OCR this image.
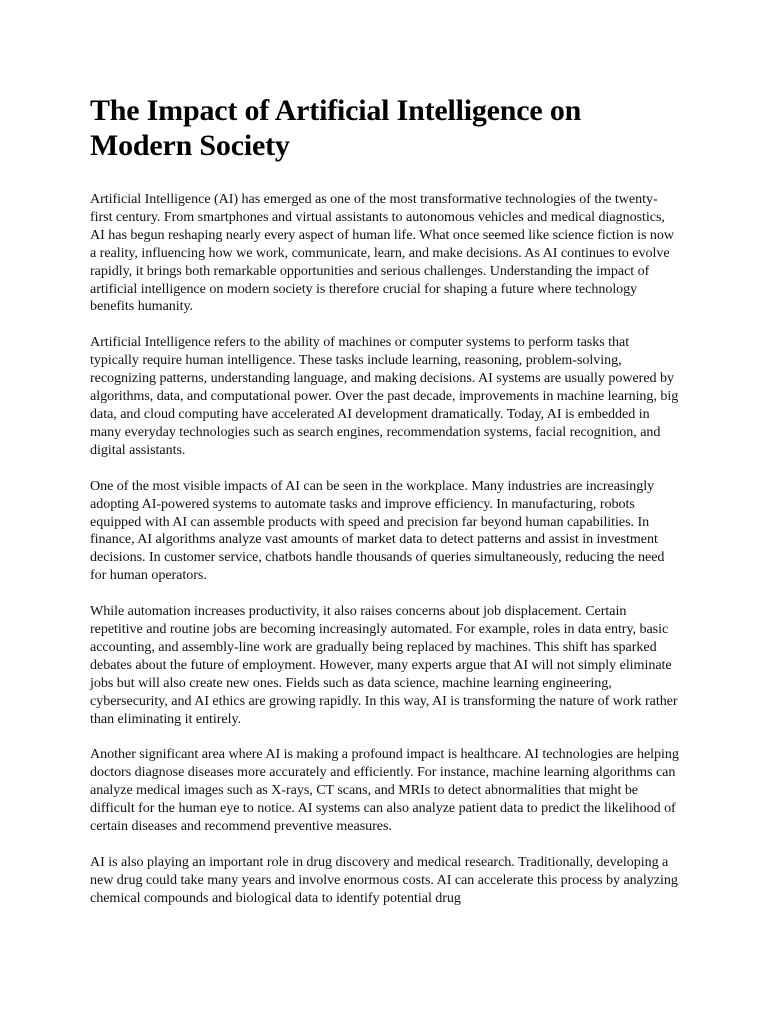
The Impact of Artificial Intelligence on Modern Society

Artificial Intelligence (AI) has emerged as one of the most transformative technologies of the twenty-first century. From smartphones and virtual assistants to autonomous vehicles and medical diagnostics, AI has begun reshaping nearly every aspect of human life. What once seemed like science fiction is now a reality, influencing how we work, communicate, learn, and make decisions. As AI continues to evolve rapidly, it brings both remarkable opportunities and serious challenges. Understanding the impact of artificial intelligence on modern society is therefore crucial for shaping a future where technology benefits humanity.

Artificial Intelligence refers to the ability of machines or computer systems to perform tasks that typically require human intelligence. These tasks include learning, reasoning, problem-solving, recognizing patterns, understanding language, and making decisions. AI systems are usually powered by algorithms, data, and computational power. Over the past decade, improvements in machine learning, big data, and cloud computing have accelerated AI development dramatically. Today, AI is embedded in many everyday technologies such as search engines, recommendation systems, facial recognition, and digital assistants.

One of the most visible impacts of AI can be seen in the workplace. Many industries are increasingly adopting AI-powered systems to automate tasks and improve efficiency. In manufacturing, robots equipped with AI can assemble products with speed and precision far beyond human capabilities. In finance, AI algorithms analyze vast amounts of market data to detect patterns and assist in investment decisions. In customer service, chatbots handle thousands of queries simultaneously, reducing the need for human operators.

While automation increases productivity, it also raises concerns about job displacement. Certain repetitive and routine jobs are becoming increasingly automated. For example, roles in data entry, basic accounting, and assembly-line work are gradually being replaced by machines. This shift has sparked debates about the future of employment. However, many experts argue that AI will not simply eliminate jobs but will also create new ones. Fields such as data science, machine learning engineering, cybersecurity, and AI ethics are growing rapidly. In this way, AI is transforming the nature of work rather than eliminating it entirely.

Another significant area where AI is making a profound impact is healthcare. AI technologies are helping doctors diagnose diseases more accurately and efficiently. For instance, machine learning algorithms can analyze medical images such as X-rays, CT scans, and MRIs to detect abnormalities that might be difficult for the human eye to notice. AI systems can also analyze patient data to predict the likelihood of certain diseases and recommend preventive measures.

AI is also playing an important role in drug discovery and medical research. Traditionally, developing a new drug could take many years and involve enormous costs. AI can accelerate this process by analyzing chemical compounds and biological data to identify potential drug
